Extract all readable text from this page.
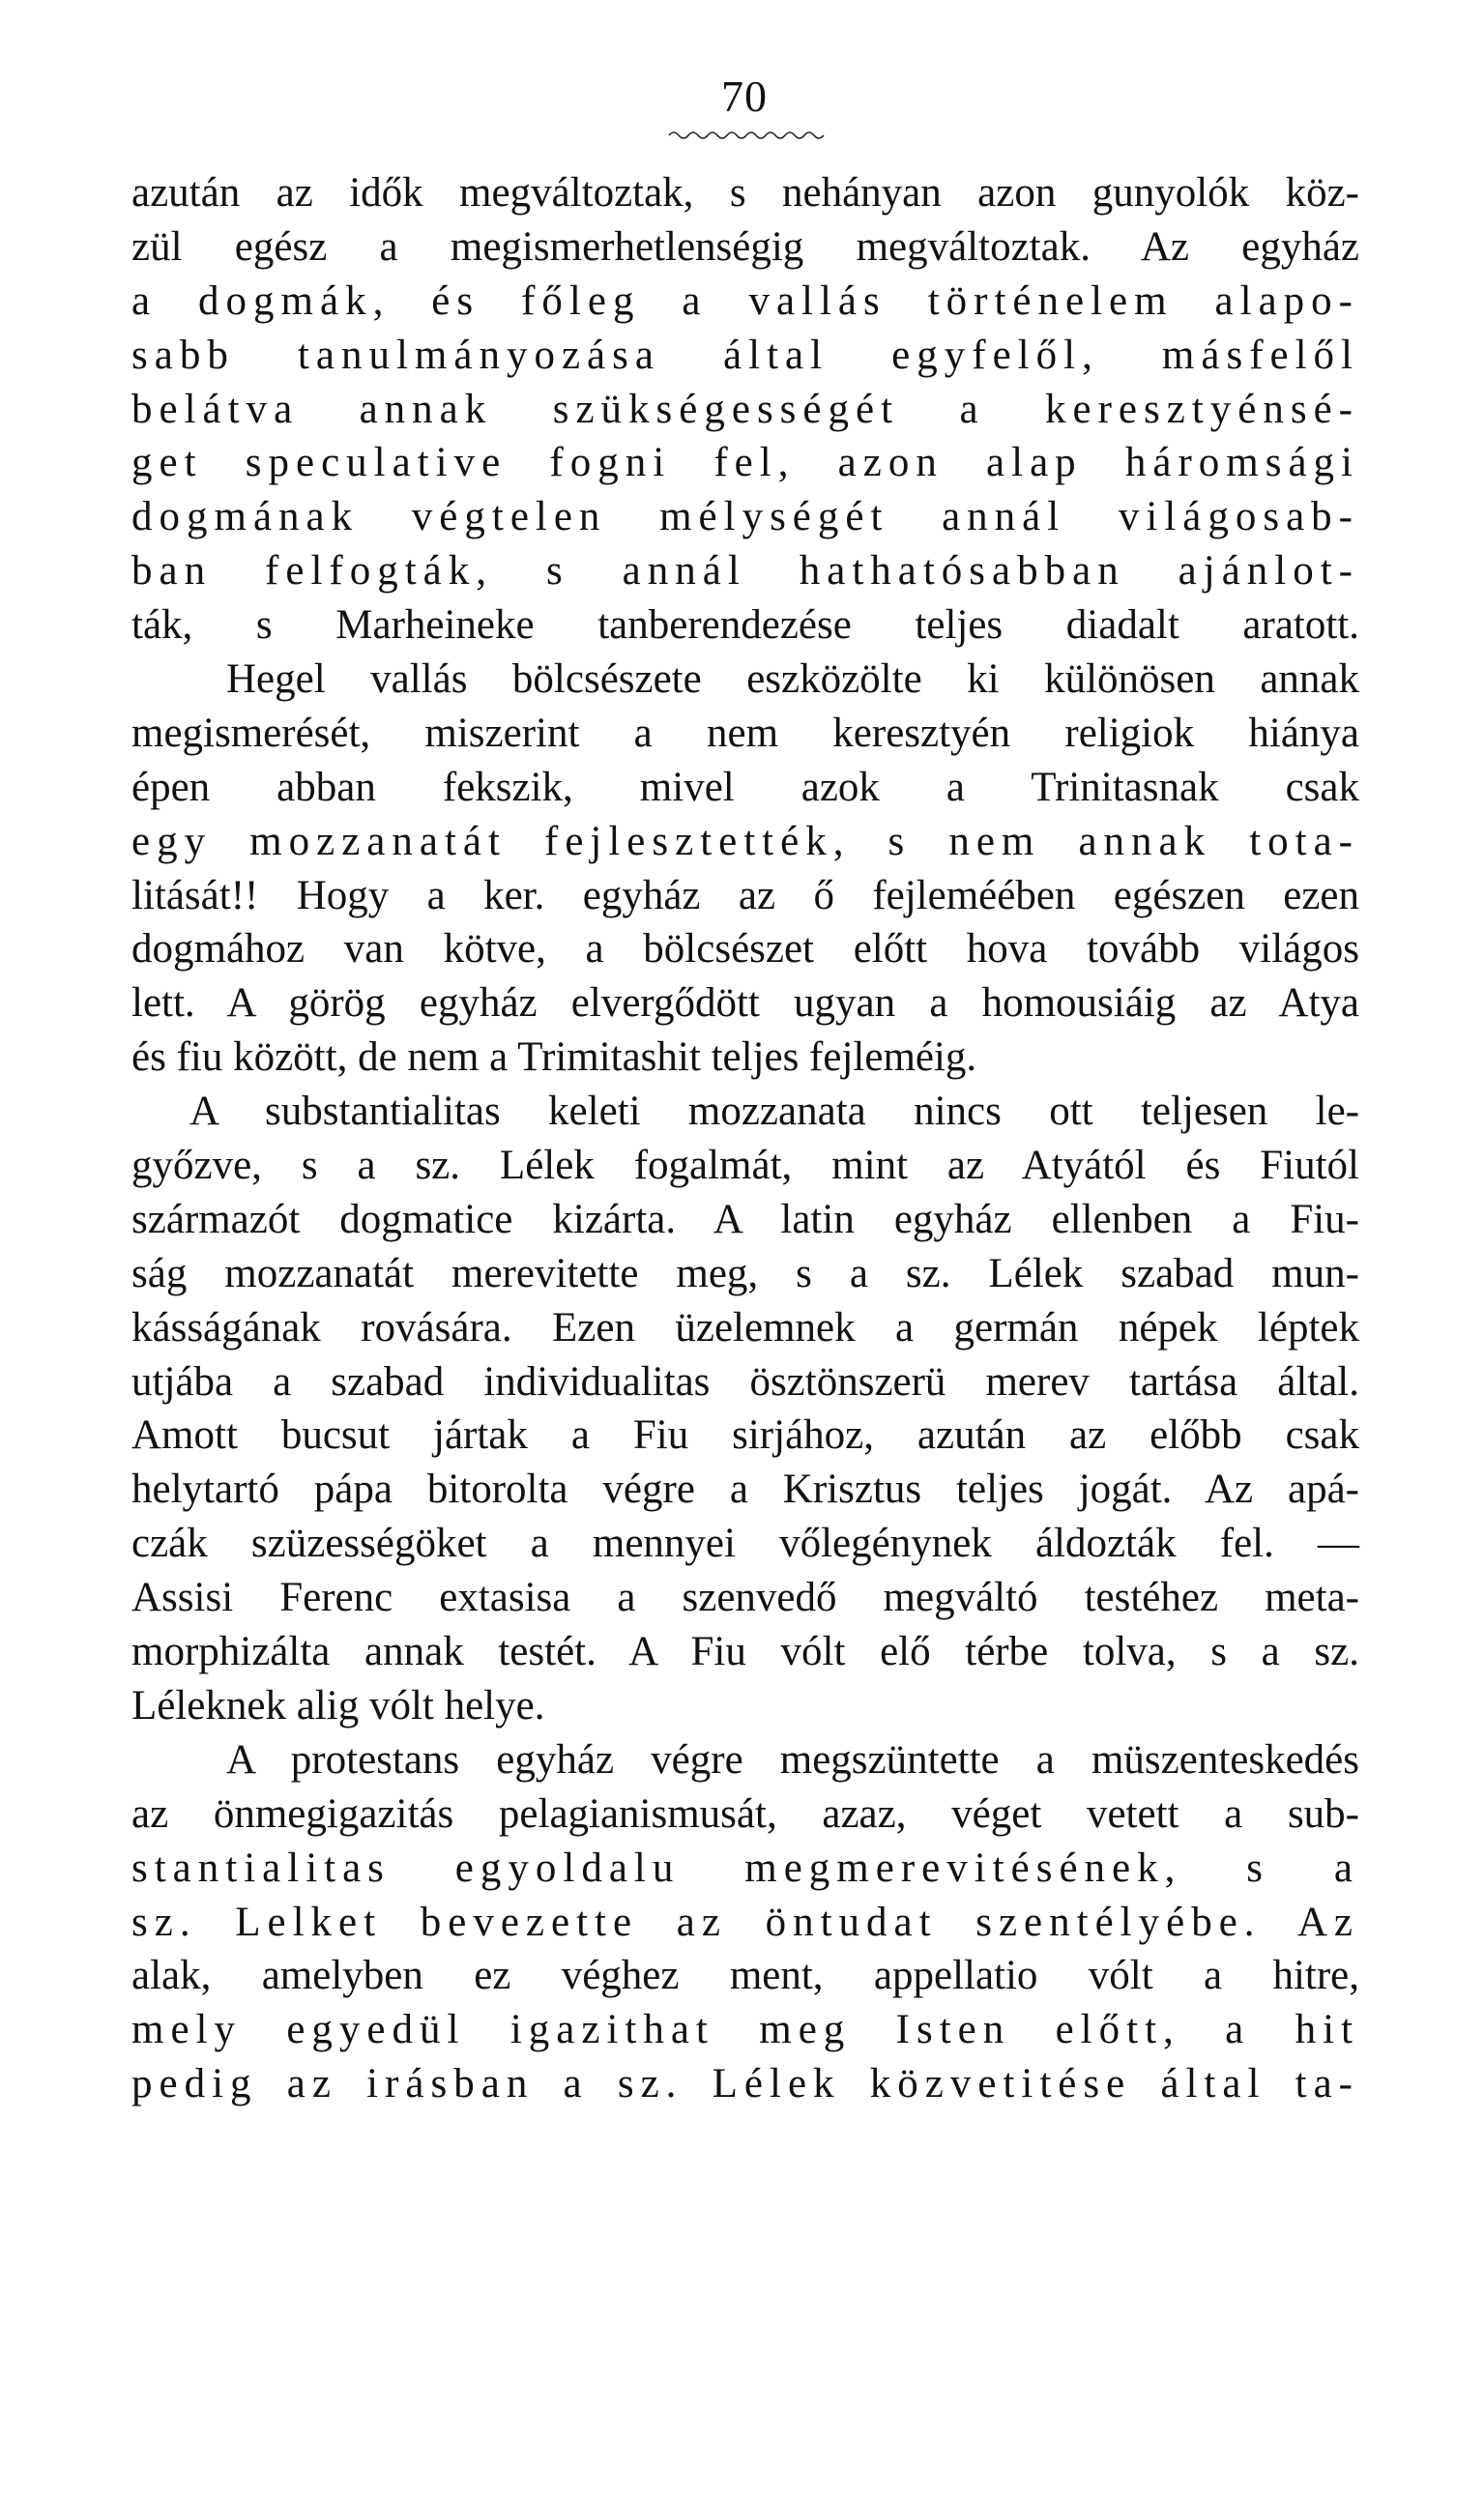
70
azután az idők megváltoztak, s nehányan azon gunyolók köz-
zül egész a megismerhetlenségig megváltoztak. Az egyház
a dogmák, és főleg a vallás történelem alapo-
sabb tanulmányozása által egyfelől, másfelől
belátva annak szükségességét a keresztyénsé-
get speculative fogni fel, azon alap háromsági
dogmának végtelen mélységét annál világosab-
ban felfogták, s annál hathatósabban ajánlot-
ták, s Marheineke tanberendezése teljes diadalt aratott.
Hegel vallás bölcsészete eszközölte ki különösen annak
megismerését, miszerint a nem keresztyén religiok hiánya
épen abban fekszik, mivel azok a Trinitasnak csak
egy mozzanatát fejlesztették, s nem annak tota-
litását!! Hogy a ker. egyház az ő fejleméében egészen ezen
dogmához van kötve, a bölcsészet előtt hova tovább világos
lett. A görög egyház elvergődött ugyan a homousiáig az Atya
és fiu között, de nem a Trimitashit teljes fejleméig.
A substantialitas keleti mozzanata nincs ott teljesen le-
győzve, s a sz. Lélek fogalmát, mint az Atyától és Fiutól
származót dogmatice kizárta. A latin egyház ellenben a Fiu-
ság mozzanatát merevitette meg, s a sz. Lélek szabad mun-
kásságának rovására. Ezen üzelemnek a germán népek léptek
utjába a szabad individualitas ösztönszerü merev tartása által.
Amott bucsut jártak a Fiu sirjához, azután az előbb csak
helytartó pápa bitorolta végre a Krisztus teljes jogát. Az apá-
czák szüzességöket a mennyei vőlegénynek áldozták fel. —
Assisi Ferenc extasisa a szenvedő megváltó testéhez meta-
morphizálta annak testét. A Fiu vólt elő térbe tolva, s a sz.
Léleknek alig vólt helye.
A protestans egyház végre megszüntette a müszenteskedés
az önmegigazitás pelagianismusát, azaz, véget vetett a sub-
stantialitas egyoldalu megmerevitésének, s a
sz. Lelket bevezette az öntudat szentélyébe. Az
alak, amelyben ez véghez ment, appellatio vólt a hitre,
mely egyedül igazithat meg Isten előtt, a hit
pedig az irásban a sz. Lélek közvetitése által ta-
